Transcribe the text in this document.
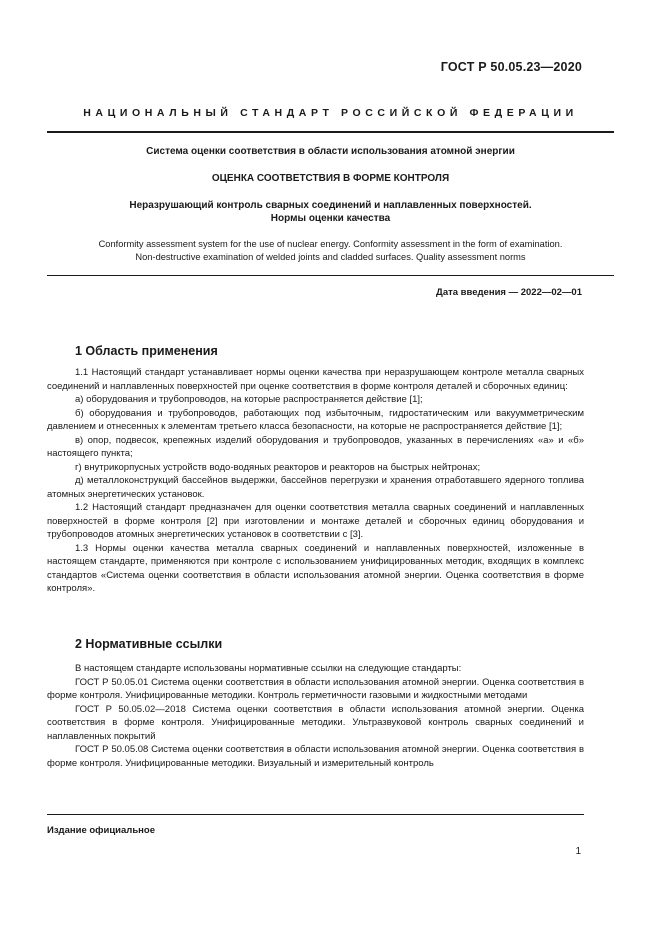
ГОСТ Р 50.05.23—2020
НАЦИОНАЛЬНЫЙ СТАНДАРТ РОССИЙСКОЙ ФЕДЕРАЦИИ
Система оценки соответствия в области использования атомной энергии
ОЦЕНКА СООТВЕТСТВИЯ В ФОРМЕ КОНТРОЛЯ
Неразрушающий контроль сварных соединений и наплавленных поверхностей.
Нормы оценки качества
Conformity assessment system for the use of nuclear energy. Conformity assessment in the form of examination.
Non-destructive examination of welded joints and cladded surfaces. Quality assessment norms
Дата введения — 2022—02—01
1 Область применения

1.1 Настоящий стандарт устанавливает нормы оценки качества при неразрушающем контроле металла сварных соединений и наплавленных поверхностей при оценке соответствия в форме контроля деталей и сборочных единиц:

а) оборудования и трубопроводов, на которые распространяется действие [1];

б) оборудования и трубопроводов, работающих под избыточным, гидростатическим или вакуумметрическим давлением и отнесенных к элементам третьего класса безопасности, на которые не распространяется действие [1];

в) опор, подвесок, крепежных изделий оборудования и трубопроводов, указанных в перечислениях «а» и «б» настоящего пункта;

г) внутрикорпусных устройств водо-водяных реакторов и реакторов на быстрых нейтронах;

д) металлоконструкций бассейнов выдержки, бассейнов перегрузки и хранения отработавшего ядерного топлива атомных энергетических установок.

1.2 Настоящий стандарт предназначен для оценки соответствия металла сварных соединений и наплавленных поверхностей в форме контроля [2] при изготовлении и монтаже деталей и сборочных единиц оборудования и трубопроводов атомных энергетических установок в соответствии с [3].

1.3 Нормы оценки качества металла сварных соединений и наплавленных поверхностей, изложенные в настоящем стандарте, применяются при контроле с использованием унифицированных методик, входящих в комплекс стандартов «Система оценки соответствия в области использования атомной энергии. Оценка соответствия в форме контроля».

2 Нормативные ссылки

В настоящем стандарте использованы нормативные ссылки на следующие стандарты:

ГОСТ Р 50.05.01 Система оценки соответствия в области использования атомной энергии. Оценка соответствия в форме контроля. Унифицированные методики. Контроль герметичности газовыми и жидкостными методами

ГОСТ Р 50.05.02—2018 Система оценки соответствия в области использования атомной энергии. Оценка соответствия в форме контроля. Унифицированные методики. Ультразвуковой контроль сварных соединений и наплавленных покрытий

ГОСТ Р 50.05.08 Система оценки соответствия в области использования атомной энергии. Оценка соответствия в форме контроля. Унифицированные методики. Визуальный и измерительный контроль

Издание официальное
1
